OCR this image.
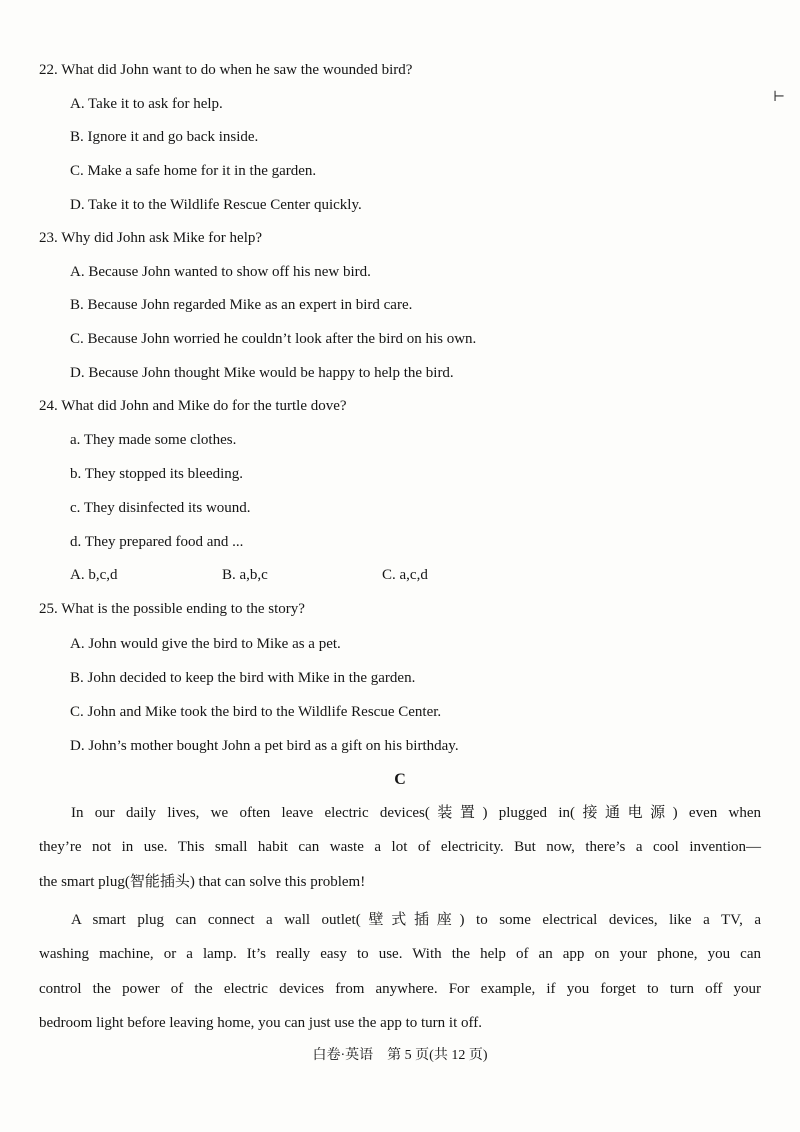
⊢
22. What did John want to do when he saw the wounded bird?
A. Take it to ask for help.
B. Ignore it and go back inside.
C. Make a safe home for it in the garden.
D. Take it to the Wildlife Rescue Center quickly.
23. Why did John ask Mike for help?
A. Because John wanted to show off his new bird.
B. Because John regarded Mike as an expert in bird care.
C. Because John worried he couldn’t look after the bird on his own.
D. Because John thought Mike would be happy to help the bird.
24. What did John and Mike do for the turtle dove?
a. They made some clothes.
b. They stopped its bleeding.
c. They disinfected its wound.
d. They prepared food and ...
A. b,c,d	B. a,b,c	C. a,c,d
25. What is the possible ending to the story?
A. John would give the bird to Mike as a pet.
B. John decided to keep the bird with Mike in the garden.
C. John and Mike took the bird to the Wildlife Rescue Center.
D. John’s mother bought John a pet bird as a gift on his birthday.
C
In our daily lives, we often leave electric devices(装置) plugged in(接通电源) even when
they’re not in use. This small habit can waste a lot of electricity. But now, there’s a cool invention—
the smart plug(智能插头) that can solve this problem!
A smart plug can connect a wall outlet(壁式插座) to some electrical devices, like a TV, a
washing machine, or a lamp. It’s really easy to use. With the help of an app on your phone, you can
control the power of the electric devices from anywhere. For example, if you forget to turn off your
bedroom light before leaving home, you can just use the app to turn it off.
白卷·英语　第 5 页(共 12 页)
